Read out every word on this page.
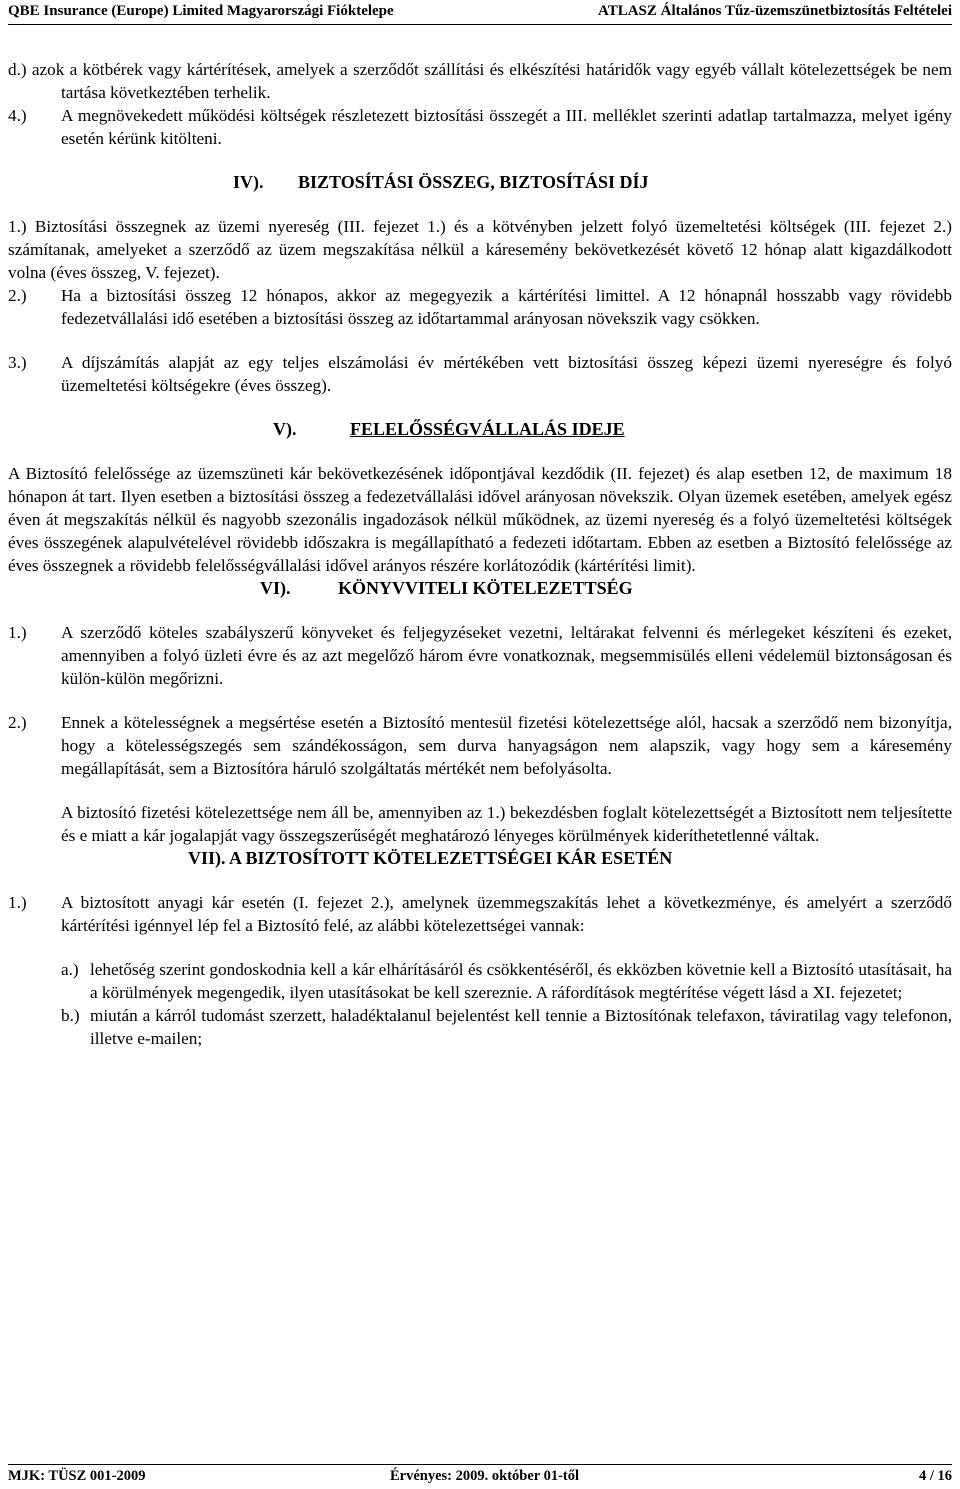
QBE Insurance (Europe) Limited Magyarországi Fióktelepe	ATLASZ Általános Tűz-üzemszünetbiztosítás Feltételei

d.) azok a kötbérek vagy kártérítések, amelyek a szerződőt szállítási és elkészítési határidők vagy egyéb vállalt kötelezettségek be nem tartása következtében terhelik.

4.) A megnövekedett működési költségek részletezett biztosítási összegét a III. melléklet szerinti adatlap tartalmazza, melyet igény esetén kérünk kitölteni.

IV). BIZTOSÍTÁSI ÖSSZEG, BIZTOSÍTÁSI DÍJ

1.) Biztosítási összegnek az üzemi nyereség (III. fejezet 1.) és a kötvényben jelzett folyó üzemeltetési költségek (III. fejezet 2.) számítanak, amelyeket a szerződő az üzem megszakítása nélkül a káresemény bekövetkezését követő 12 hónap alatt kigazdálkodott volna (éves összeg, V. fejezet).

2.) Ha a biztosítási összeg 12 hónapos, akkor az megegyezik a kártérítési limittel. A 12 hónapnál hosszabb vagy rövidebb fedezetvállalási idő esetében a biztosítási összeg az időtartammal arányosan növekszik vagy csökken.

3.) A díjszámítás alapját az egy teljes elszámolási év mértékében vett biztosítási összeg képezi üzemi nyereségre és folyó üzemeltetési költségekre (éves összeg).

V).	FELELŐSSÉGVÁLLALÁS IDEJE

A Biztosító felelőssége az üzemszüneti kár bekövetkezésének időpontjával kezdődik (II. fejezet) és alap esetben 12, de maximum 18 hónapon át tart. Ilyen esetben a biztosítási összeg a fedezetvállalási idővel arányosan növekszik. Olyan üzemek esetében, amelyek egész éven át megszakítás nélkül és nagyobb szezonális ingadozások nélkül működnek, az üzemi nyereség és a folyó üzemeltetési költségek éves összegének alapulvételével rövidebb időszakra is megállapítható a fedezeti időtartam. Ebben az esetben a Biztosító felelőssége az éves összegnek a rövidebb felelősségvállalási idővel arányos részére korlátozódik (kártérítési limit).

VI).	KÖNYVVITELI KÖTELEZETTSÉG
1.) A szerződő köteles szabályszerű könyveket és feljegyzéseket vezetni, leltárakat felvenni és mérlegeket készíteni és ezeket, amennyiben a folyó üzleti évre és az azt megelőző három évre vonatkoznak, megsemmisülés elleni védelemül biztonságosan és külön-külön megőrizni.

2.) Ennek a kötelességnek a megsértése esetén a Biztosító mentesül fizetési kötelezettsége alól, hacsak a szerződő nem bizonyítja, hogy a kötelességszegés sem szándékosságon, sem durva hanyagságon nem alapszik, vagy hogy sem a káresemény megállapítását, sem a Biztosítóra háruló szolgáltatás mértékét nem befolyásolta.

A biztosító fizetési kötelezettsége nem áll be, amennyiben az 1.) bekezdésben foglalt kötelezettségét a Biztosított nem teljesítette és e miatt a kár jogalapját vagy összegszerűségét meghatározó lényeges körülmények kideríthetetlenné váltak.

VII). A BIZTOSÍTOTT KÖTELEZETTSÉGEI KÁR ESETÉN
1.) A biztosított anyagi kár esetén (I. fejezet 2.), amelynek üzemmegszakítás lehet a következménye, és amelyért a szerződő kártérítési igénnyel lép fel a Biztosító felé, az alábbi kötelezettségei vannak:

a.) lehetőség szerint gondoskodnia kell a kár elhárításáról és csökkentéséről, és ekközben követnie kell a Biztosító utasításait, ha a körülmények megengedik, ilyen utasításokat be kell szereznie. A ráfordítások megtérítése végett lásd a XI. fejezetet;

b.) miután a kárról tudomást szerzett, haladéktalanul bejelentést kell tennie a Biztosítónak telefaxon, táviratilag vagy telefonon, illetve e-mailen;

MJK: TÜSZ 001-2009	Érvényes: 2009. október 01-től	4 / 16
